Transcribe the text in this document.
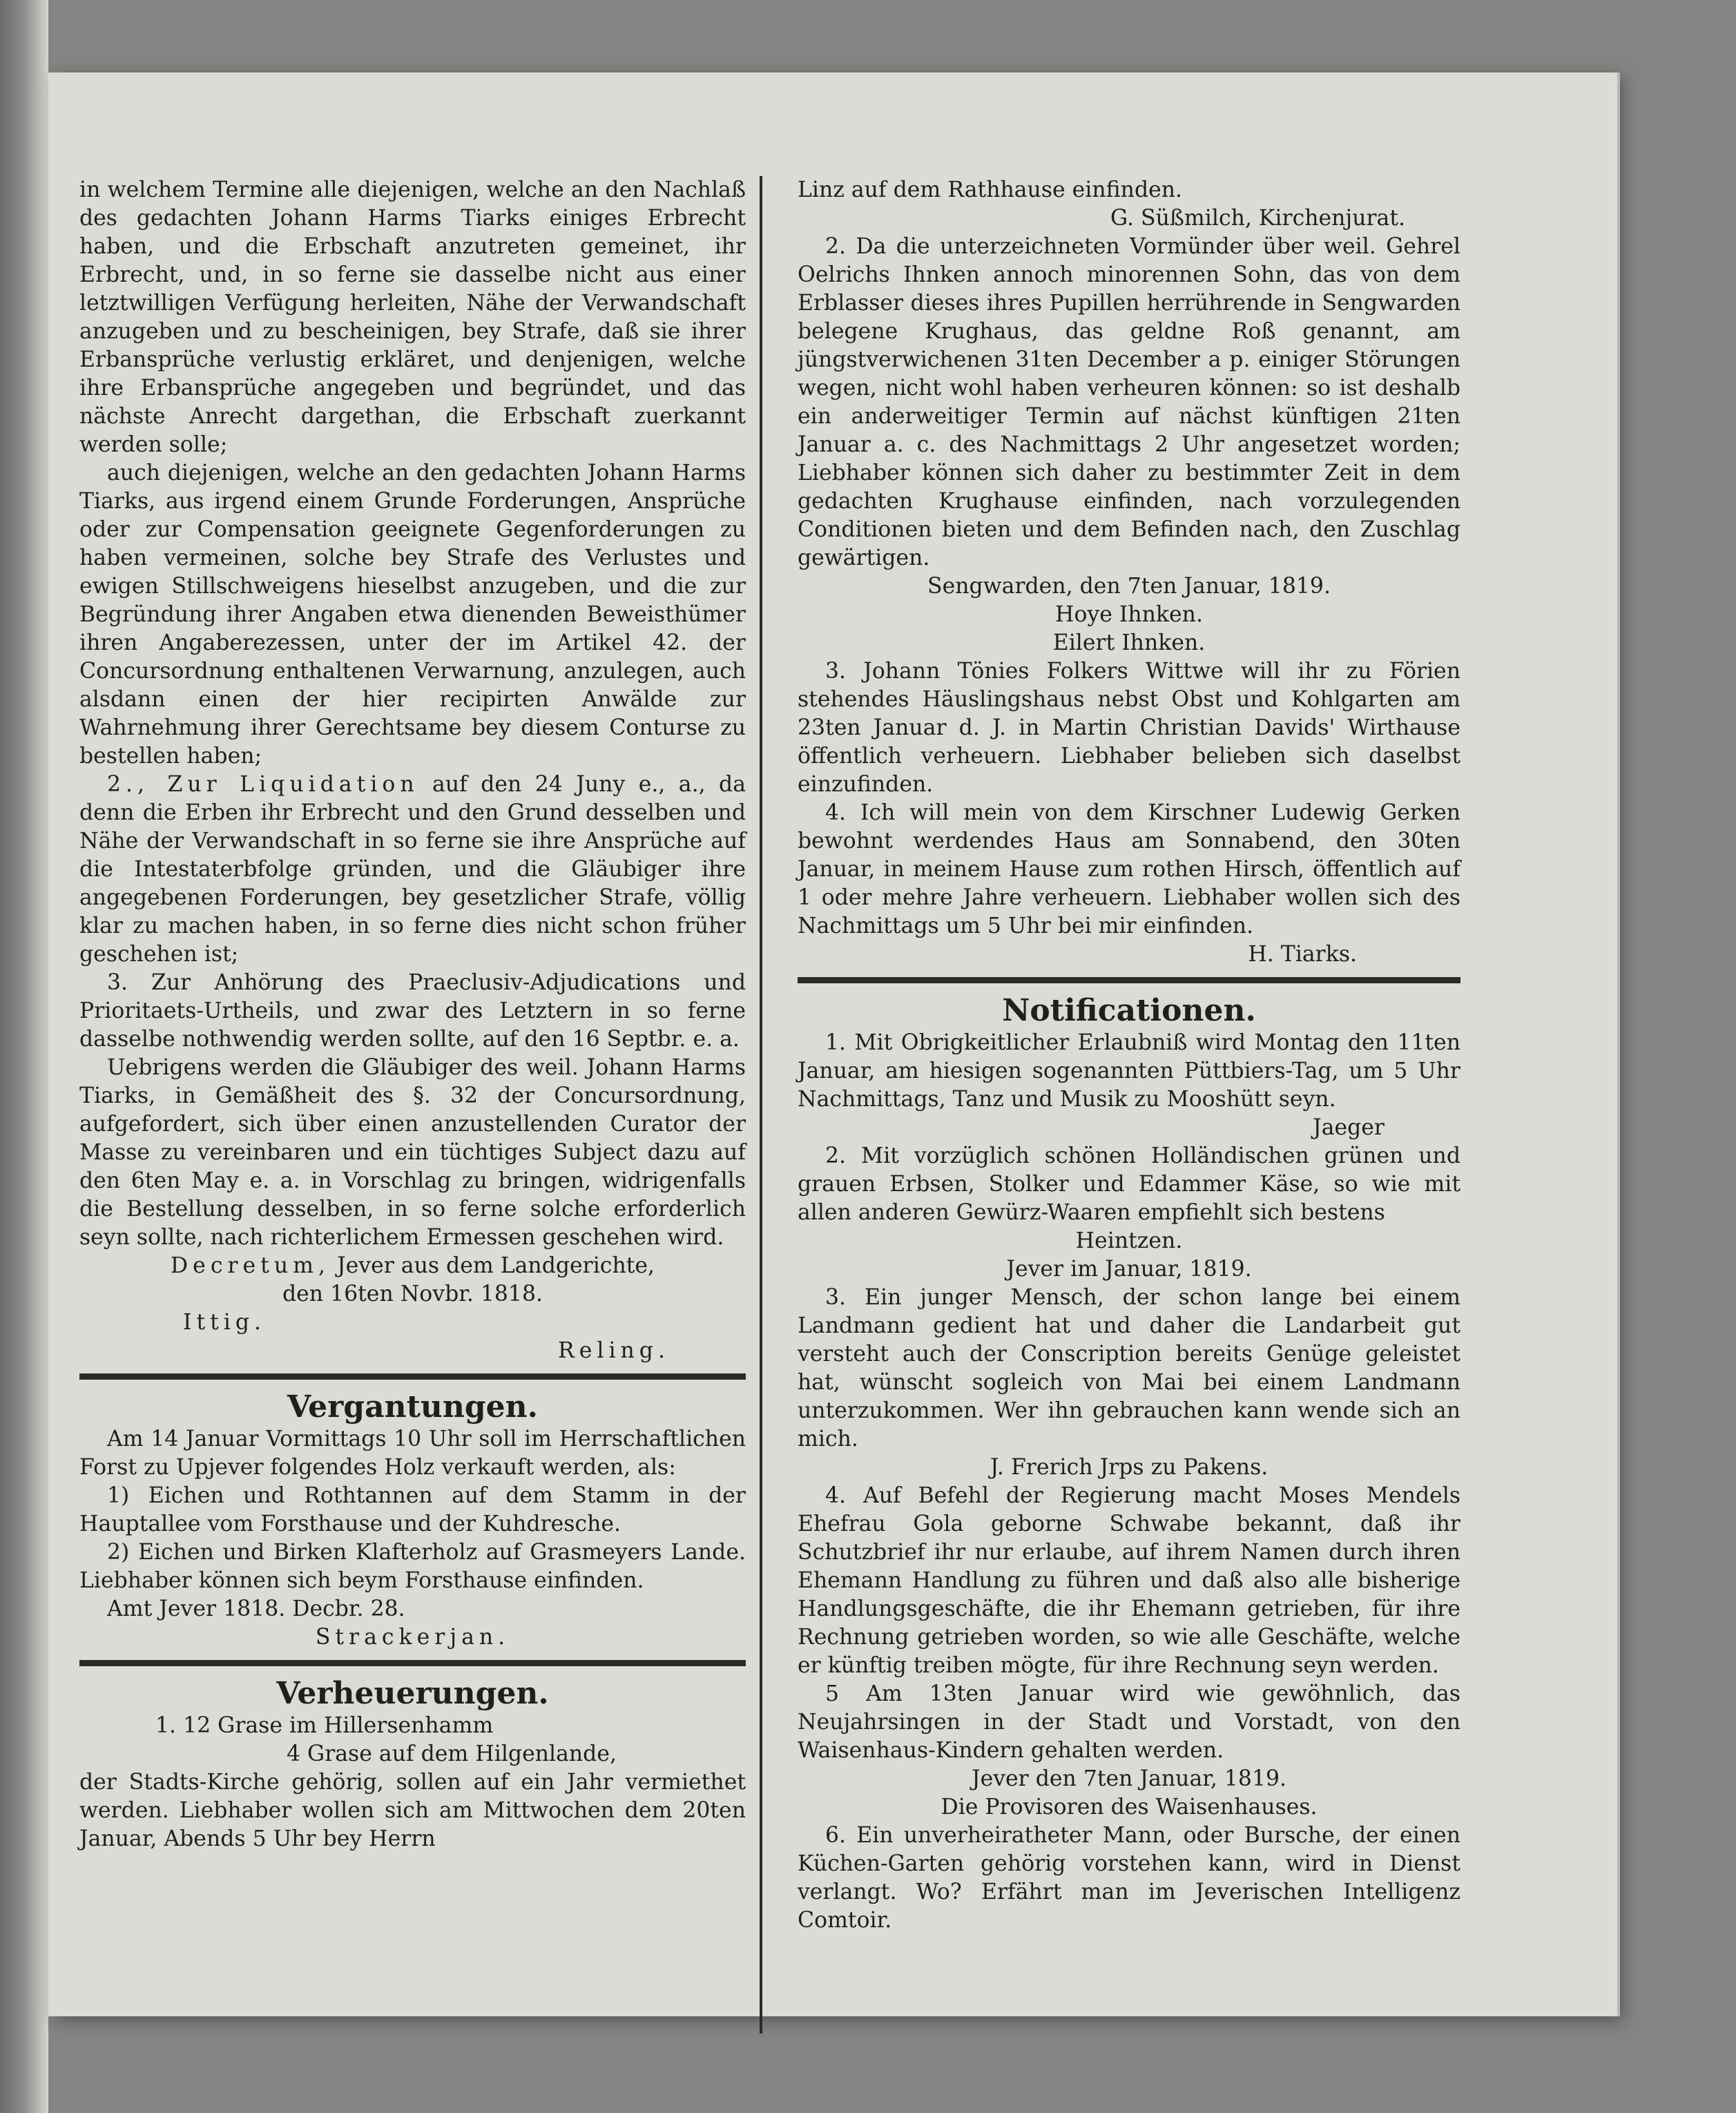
in welchem Termine alle diejenigen, welche an den Nachlaß des gedachten Johann Harms Tiarks einiges Erbrecht haben, und die Erbschaft anzutreten gemeinet, ihr Erbrecht, und, in so ferne sie dasselbe nicht aus einer letztwilligen Verfügung herleiten, Nähe der Verwandschaft anzugeben und zu bescheinigen, bey Strafe, daß sie ihrer Erbansprüche verlustig erkläret, und denjenigen, welche ihre Erbansprüche angegeben und begründet, und das nächste Anrecht dargethan, die Erbschaft zuerkannt werden solle;

auch diejenigen, welche an den gedachten Johann Harms Tiarks, aus irgend einem Grunde Forderungen, Ansprüche oder zur Compensation geeignete Gegenforderungen zu haben vermeinen, solche bey Strafe des Verlustes und ewigen Stillschweigens hieselbst anzugeben, und die zur Begründung ihrer Angaben etwa dienenden Beweisthümer ihren Angaberezessen, unter der im Artikel 42. der Concursordnung enthaltenen Verwarnung, anzulegen, auch alsdann einen der hier recipirten Anwälde zur Wahrnehmung ihrer Gerechtsame bey diesem Conturse zu bestellen haben;

2., Zur Liquidation auf den 24 Juny e., a., da denn die Erben ihr Erbrecht und den Grund desselben und Nähe der Verwandschaft in so ferne sie ihre Ansprüche auf die Intestaterbfolge gründen, und die Gläubiger ihre angegebenen Forderungen, bey gesetzlicher Strafe, völlig klar zu machen haben, in so ferne dies nicht schon früher geschehen ist;

3. Zur Anhörung des Praeclusiv-Adjudications und Prioritaets-Urtheils, und zwar des Letztern in so ferne dasselbe nothwendig werden sollte, auf den 16 Septbr. e. a.

Uebrigens werden die Gläubiger des weil. Johann Harms Tiarks, in Gemäßheit des §. 32 der Concursordnung, aufgefordert, sich über einen anzustellenden Curator der Masse zu vereinbaren und ein tüchtiges Subject dazu auf den 6ten May e. a. in Vorschlag zu bringen, widrigenfalls die Bestellung desselben, in so ferne solche erforderlich seyn sollte, nach richterlichem Ermessen geschehen wird.

Decretum, Jever aus dem Landgerichte,

den 16ten Novbr. 1818.

Ittig.

Reling.

Vergantungen.

Am 14 Januar Vormittags 10 Uhr soll im Herrschaftlichen Forst zu Upjever folgendes Holz verkauft werden, als:

1) Eichen und Rothtannen auf dem Stamm in der Hauptallee vom Forsthause und der Kuhdresche.

2) Eichen und Birken Klafterholz auf Grasmeyers Lande. Liebhaber können sich beym Forsthause einfinden.

Amt Jever 1818. Decbr. 28.

Strackerjan.

Verheuerungen.

1. 12 Grase im Hillersenhamm

4 Grase auf dem Hilgenlande,

der Stadts-Kirche gehörig, sollen auf ein Jahr vermiethet werden. Liebhaber wollen sich am Mittwochen dem 20ten Januar, Abends 5 Uhr bey Herrn

Linz auf dem Rathhause einfinden.

G. Süßmilch, Kirchenjurat.

2. Da die unterzeichneten Vormünder über weil. Gehrel Oelrichs Ihnken annoch minorennen Sohn, das von dem Erblasser dieses ihres Pupillen herrührende in Sengwarden belegene Krughaus, das geldne Roß genannt, am jüngstverwichenen 31ten December a p. einiger Störungen wegen, nicht wohl haben verheuren können: so ist deshalb ein anderweitiger Termin auf nächst künftigen 21ten Januar a. c. des Nachmittags 2 Uhr angesetzet worden; Liebhaber können sich daher zu bestimmter Zeit in dem gedachten Krughause einfinden, nach vorzulegenden Conditionen bieten und dem Befinden nach, den Zuschlag gewärtigen.

Sengwarden, den 7ten Januar, 1819.

Hoye Ihnken.

Eilert Ihnken.

3. Johann Tönies Folkers Wittwe will ihr zu Förien stehendes Häuslingshaus nebst Obst und Kohlgarten am 23ten Januar d. J. in Martin Christian Davids' Wirthause öffentlich verheuern. Liebhaber belieben sich daselbst einzufinden.

4. Ich will mein von dem Kirschner Ludewig Gerken bewohnt werdendes Haus am Sonnabend, den 30ten Januar, in meinem Hause zum rothen Hirsch, öffentlich auf 1 oder mehre Jahre verheuern. Liebhaber wollen sich des Nachmittags um 5 Uhr bei mir einfinden.

H. Tiarks.

Notificationen.

1. Mit Obrigkeitlicher Erlaubniß wird Montag den 11ten Januar, am hiesigen sogenannten Püttbiers-Tag, um 5 Uhr Nachmittags, Tanz und Musik zu Mooshütt seyn.

Jaeger

2. Mit vorzüglich schönen Holländischen grünen und grauen Erbsen, Stolker und Edammer Käse, so wie mit allen anderen Gewürz-Waaren empfiehlt sich bestens

Heintzen.

Jever im Januar, 1819.

3. Ein junger Mensch, der schon lange bei einem Landmann gedient hat und daher die Landarbeit gut versteht auch der Conscription bereits Genüge geleistet hat, wünscht sogleich von Mai bei einem Landmann unterzukommen. Wer ihn gebrauchen kann wende sich an mich.

J. Frerich Jrps zu Pakens.

4. Auf Befehl der Regierung macht Moses Mendels Ehefrau Gola geborne Schwabe bekannt, daß ihr Schutzbrief ihr nur erlaube, auf ihrem Namen durch ihren Ehemann Handlung zu führen und daß also alle bisherige Handlungsgeschäfte, die ihr Ehemann getrieben, für ihre Rechnung getrieben worden, so wie alle Geschäfte, welche er künftig treiben mögte, für ihre Rechnung seyn werden.

5 Am 13ten Januar wird wie gewöhnlich, das Neujahrsingen in der Stadt und Vorstadt, von den Waisenhaus-Kindern gehalten werden.

Jever den 7ten Januar, 1819.

Die Provisoren des Waisenhauses.

6. Ein unverheiratheter Mann, oder Bursche, der einen Küchen-Garten gehörig vorstehen kann, wird in Dienst verlangt. Wo? Erfährt man im Jeverischen Intelligenz Comtoir.
